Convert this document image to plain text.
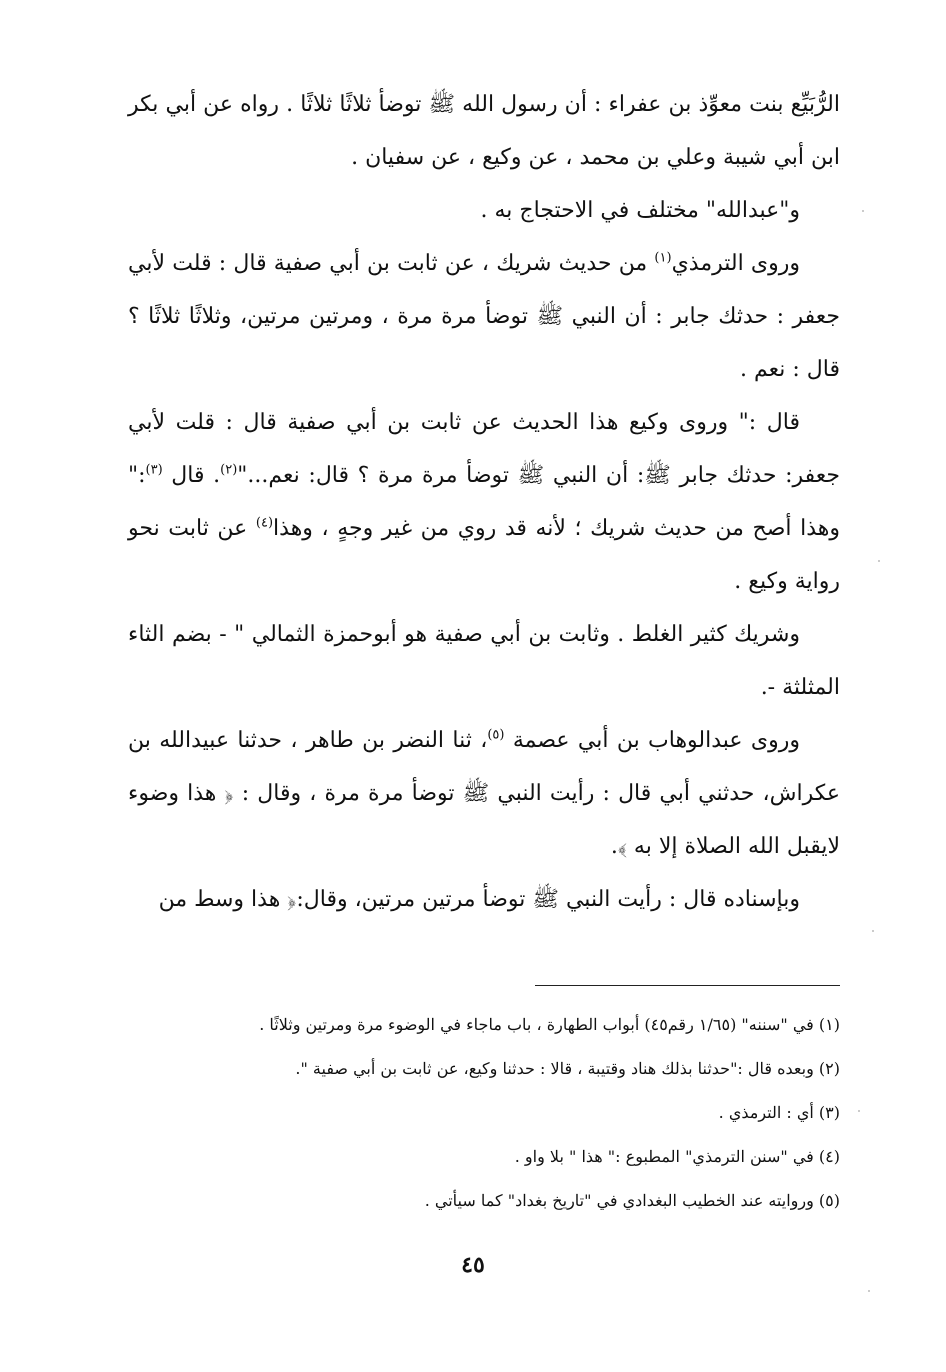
الرُّبَيِّع بنت معوِّذ بن عفراء : أن رسول الله ﷺ توضأ ثلاثًا ثلاثًا . رواه عن أبي بكر ابن أبي شيبة وعلي بن محمد ، عن وكيع ، عن سفيان .

و"عبدالله" مختلف في الاحتجاج به .

وروى الترمذي$^{(١)}$ من حديث شريك ، عن ثابت بن أبي صفية قال : قلت لأبي جعفر : حدثك جابر : أن النبي ﷺ توضأ مرة مرة ، ومرتين مرتين، وثلاثًا ثلاثًا ؟ قال : نعم .

قال :" وروى وكيع هذا الحديث عن ثابت بن أبي صفية قال : قلت لأبي جعفر: حدثك جابر ﷺ: أن النبي ﷺ توضأ مرة مرة ؟ قال: نعم..."$^{(٢)}$. قال $^{(٣)}$:" وهذا أصح من حديث شريك ؛ لأنه قد روي من غير وجهٍ ، وهذا$^{(٤)}$ عن ثابت نحو رواية وكيع .

وشريك كثير الغلط . وثابت بن أبي صفية هو أبوحمزة الثمالي " - بضم الثاء المثلثة -.

وروى عبدالوهاب بن أبي عصمة $^{(٥)}$، ثنا النضر بن طاهر ، حدثنا عبيدالله بن عكراش، حدثني أبي قال : رأيت النبي ﷺ توضأ مرة مرة ، وقال : ﴿ هذا وضوء لايقبل الله الصلاة إلا به ﴾.

وبإسناده قال : رأيت النبي ﷺ توضأ مرتين مرتين، وقال:﴿ هذا وسط من

(١) في "سننه" (١/٦٥ رقم٤٥) أبواب الطهارة ، باب ماجاء في الوضوء مرة ومرتين وثلاثًا .

(٢) وبعده قال :"حدثنا بذلك هناد وقتيبة ، قالا : حدثنا وكيع، عن ثابت بن أبي صفية ".

(٣) أي : الترمذي .

(٤) في "سنن الترمذي" المطبوع :" هذا " بلا واو .

(٥) وروايته عند الخطيب البغدادي في "تاريخ بغداد" كما سيأتي .

٤٥
